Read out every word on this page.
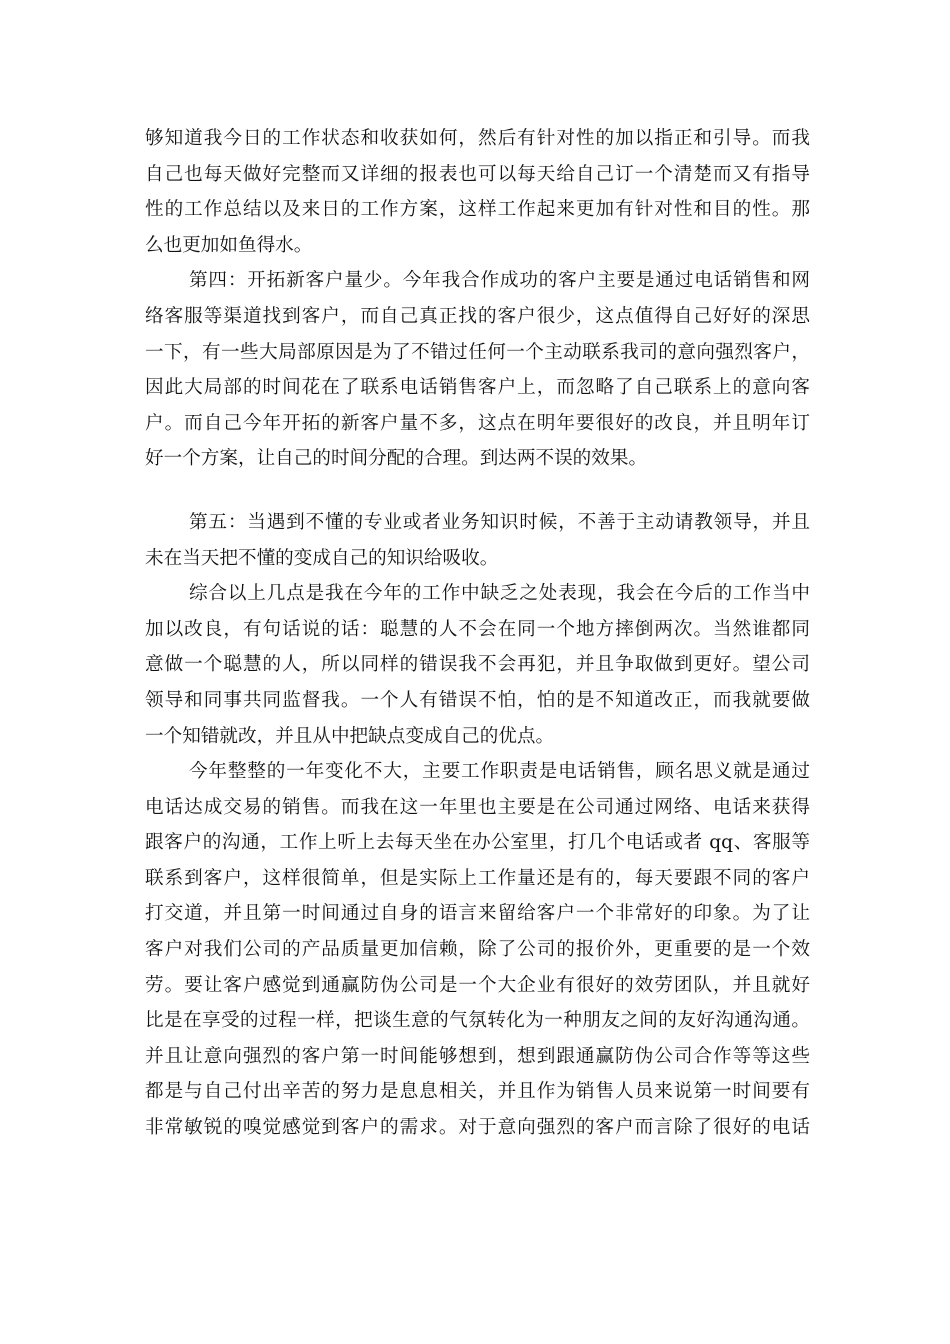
够知道我今日的工作状态和收获如何，然后有针对性的加以指正和引导。而我
自己也每天做好完整而又详细的报表也可以每天给自己订一个清楚而又有指导
性的工作总结以及来日的工作方案，这样工作起来更加有针对性和目的性。那
么也更加如鱼得水。
第四：开拓新客户量少。今年我合作成功的客户主要是通过电话销售和网
络客服等渠道找到客户，而自己真正找的客户很少，这点值得自己好好的深思
一下，有一些大局部原因是为了不错过任何一个主动联系我司的意向强烈客户，
因此大局部的时间花在了联系电话销售客户上，而忽略了自己联系上的意向客
户。而自己今年开拓的新客户量不多，这点在明年要很好的改良，并且明年订
好一个方案，让自己的时间分配的合理。到达两不误的效果。
第五：当遇到不懂的专业或者业务知识时候，不善于主动请教领导，并且
未在当天把不懂的变成自己的知识给吸收。
综合以上几点是我在今年的工作中缺乏之处表现，我会在今后的工作当中
加以改良，有句话说的话：聪慧的人不会在同一个地方摔倒两次。当然谁都同
意做一个聪慧的人，所以同样的错误我不会再犯，并且争取做到更好。望公司
领导和同事共同监督我。一个人有错误不怕，怕的是不知道改正，而我就要做
一个知错就改，并且从中把缺点变成自己的优点。
今年整整的一年变化不大，主要工作职责是电话销售，顾名思义就是通过
电话达成交易的销售。而我在这一年里也主要是在公司通过网络、电话来获得
跟客户的沟通，工作上听上去每天坐在办公室里，打几个电话或者 qq、客服等
联系到客户，这样很简单，但是实际上工作量还是有的，每天要跟不同的客户
打交道，并且第一时间通过自身的语言来留给客户一个非常好的印象。为了让
客户对我们公司的产品质量更加信赖，除了公司的报价外，更重要的是一个效
劳。要让客户感觉到通赢防伪公司是一个大企业有很好的效劳团队，并且就好
比是在享受的过程一样，把谈生意的气氛转化为一种朋友之间的友好沟通沟通。
并且让意向强烈的客户第一时间能够想到，想到跟通赢防伪公司合作等等这些
都是与自己付出辛苦的努力是息息相关，并且作为销售人员来说第一时间要有
非常敏锐的嗅觉感觉到客户的需求。对于意向强烈的客户而言除了很好的电话
